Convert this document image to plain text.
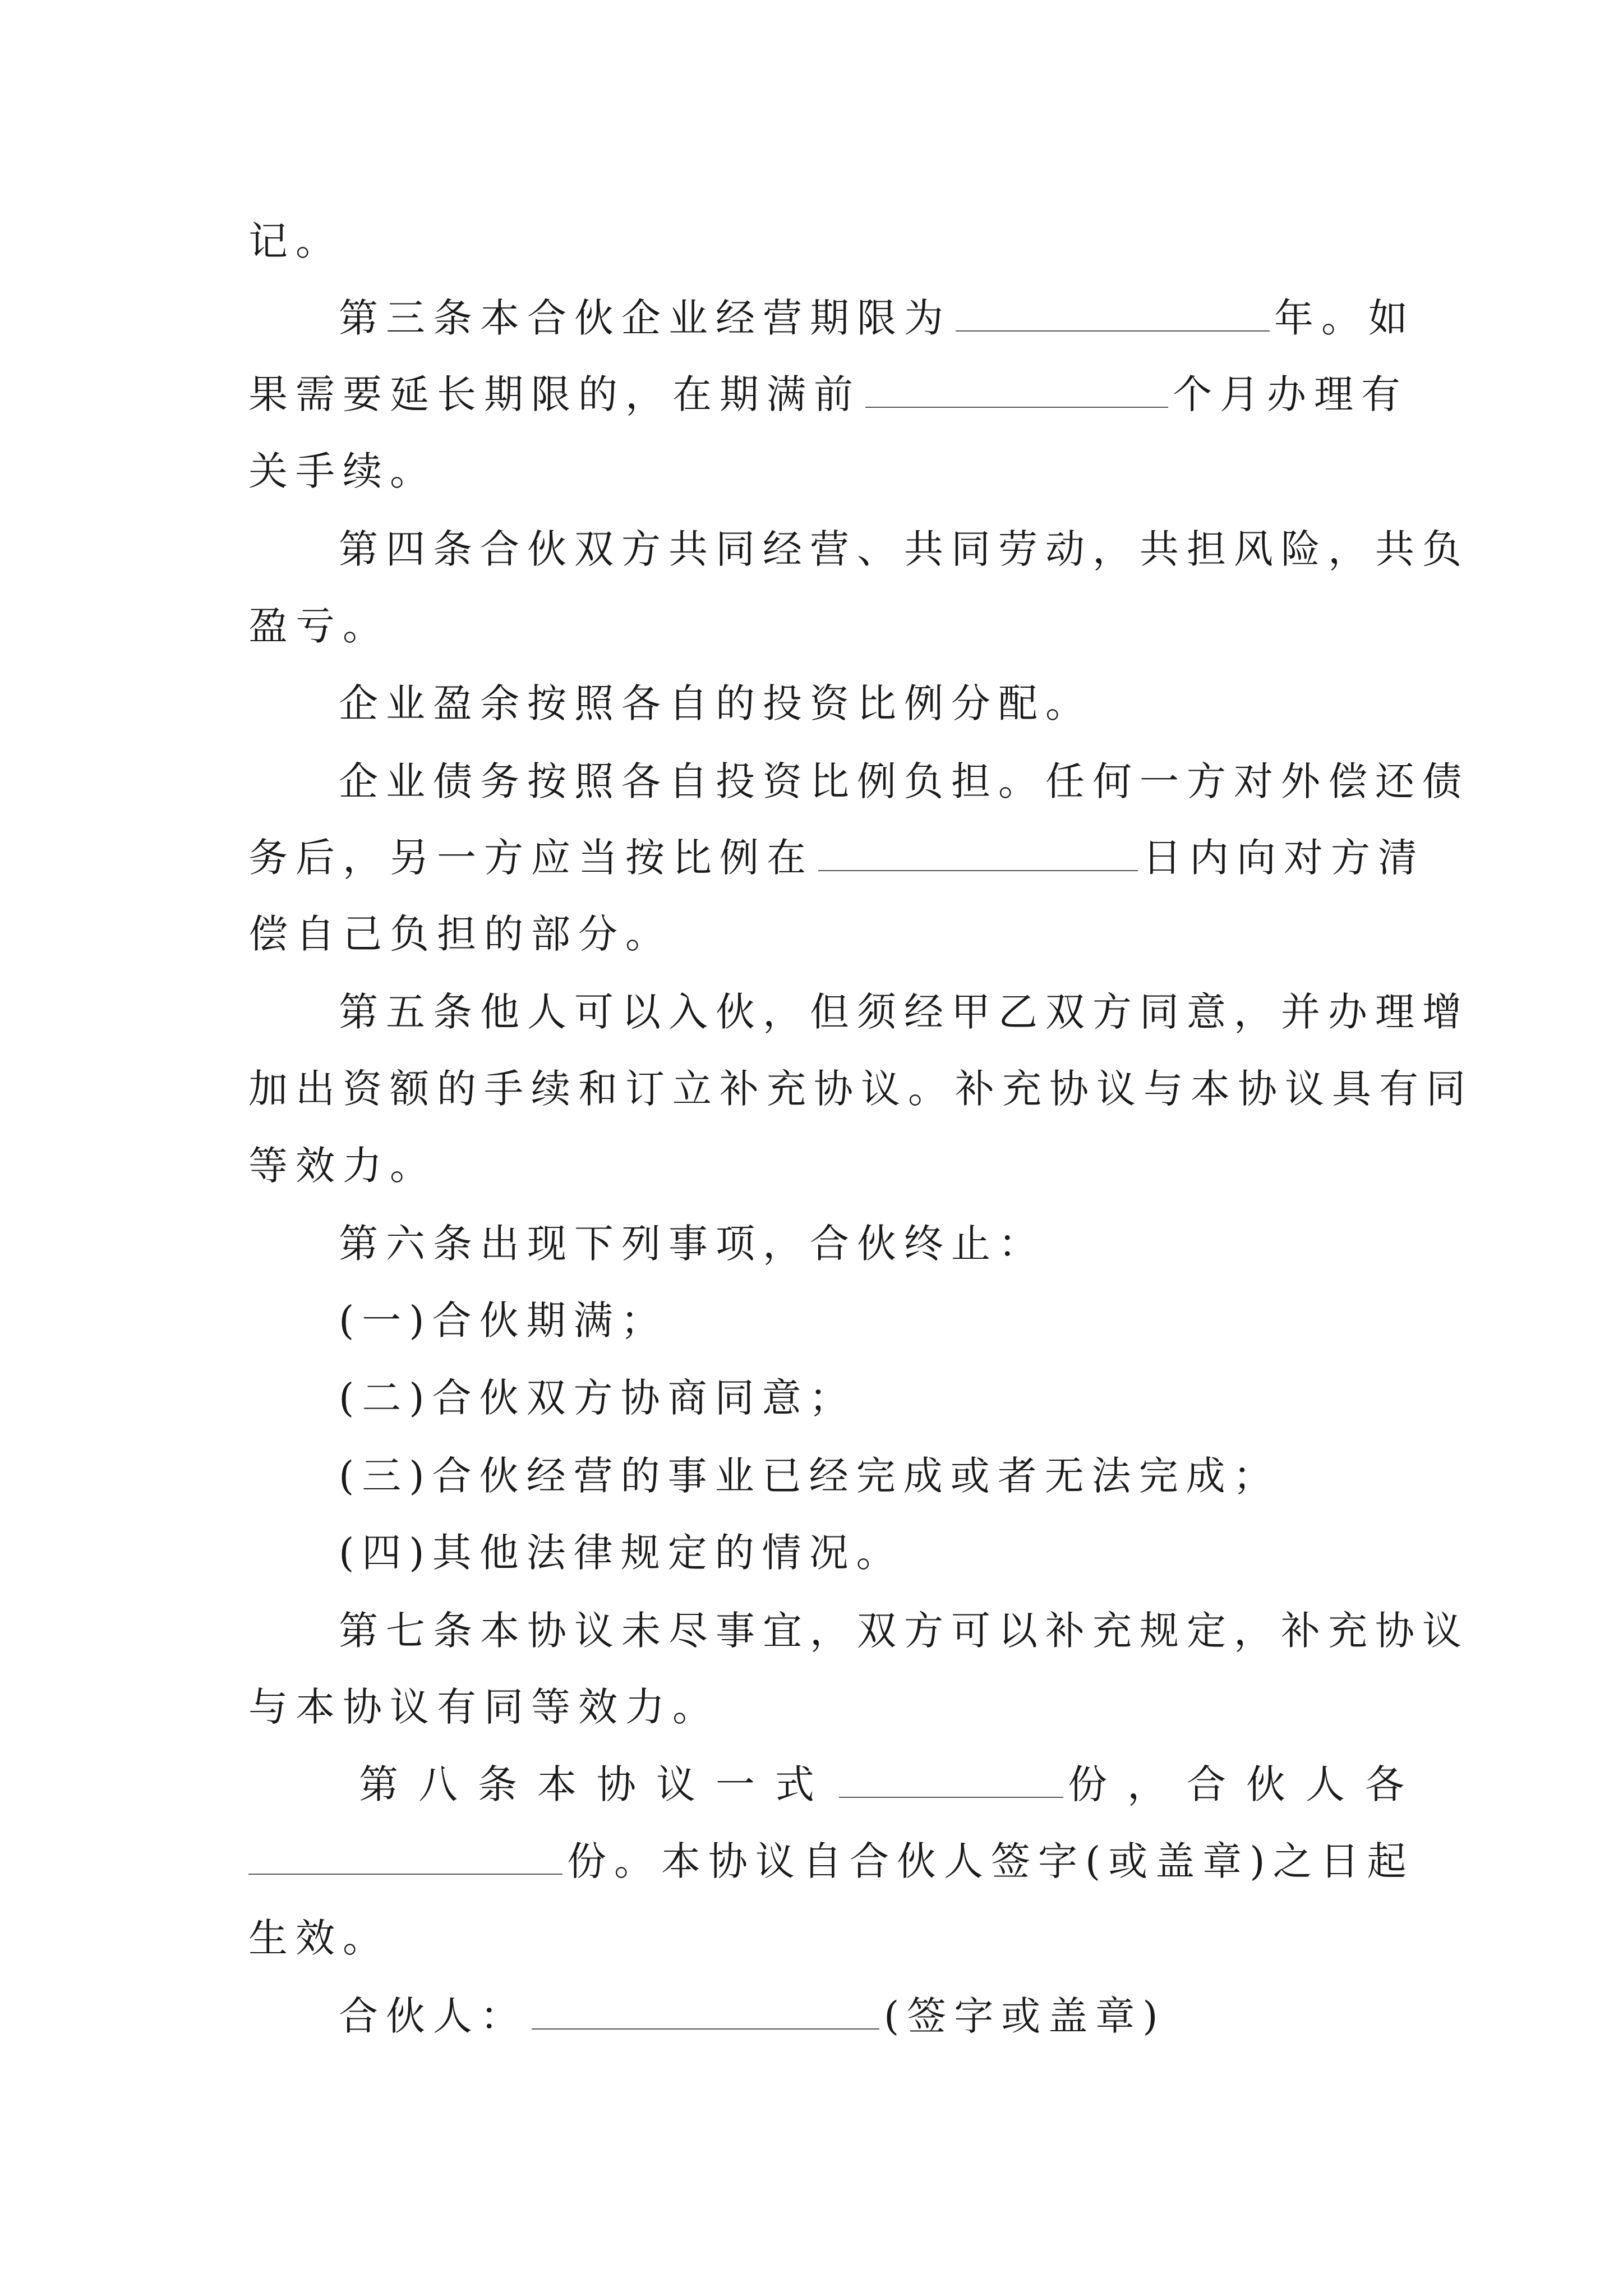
记。
第三条本合伙企业经营期限为	年。如
果需要延长期限的，在期满前	个月办理有
关手续。
第四条合伙双方共同经营、共同劳动，共担风险，共负
盈亏。
企业盈余按照各自的投资比例分配。
企业债务按照各自投资比例负担。任何一方对外偿还债
务后，另一方应当按比例在	日内向对方清
偿自己负担的部分。
第五条他人可以入伙，但须经甲乙双方同意，并办理增
加出资额的手续和订立补充协议。补充协议与本协议具有同
等效力。
第六条出现下列事项，合伙终止：
(一)合伙期满；
(二)合伙双方协商同意；
(三)合伙经营的事业已经完成或者无法完成；
(四)其他法律规定的情况。
第七条本协议未尽事宜，双方可以补充规定，补充协议
与本协议有同等效力。
第八条本协议一式	份，合伙人各
份。本协议自合伙人签字(或盖章)之日起
生效。
合伙人：	(签字或盖章)
